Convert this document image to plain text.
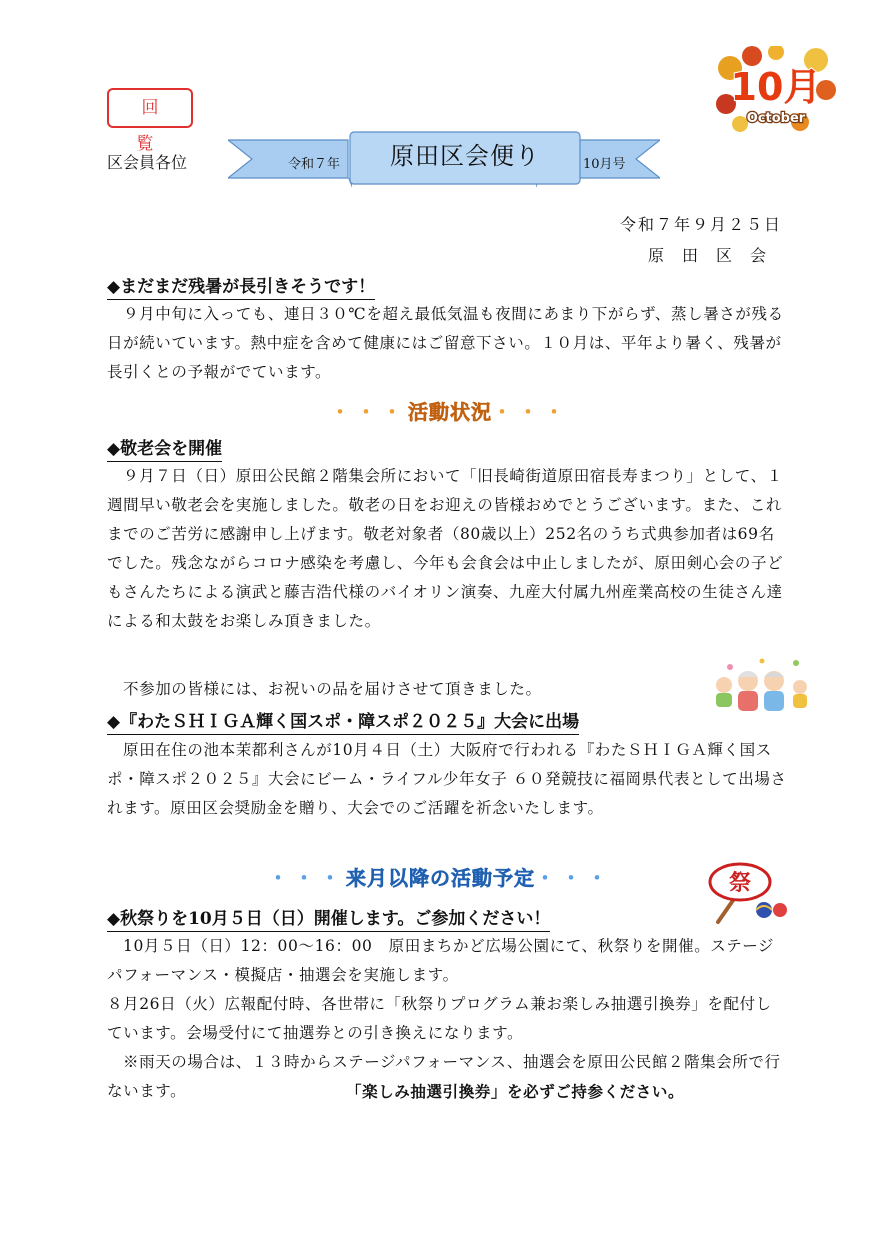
回　覧
区会員各位	令和７年	原田区会便り	10月号
10月
October
令和７年９月２５日
原田区会
◆ まだまだ残暑が長引きそうです！
９月中旬に入っても、連日３０℃を超え最低気温も夜間にあまり下がらず、蒸し暑さが残る日が続いています。熱中症を含めて健康にはご留意下さい。１０月は、平年より暑く、残暑が長引くとの予報がでています。
・・・活動状況・・・
◆ 敬老会を開催
９月７日（日）原田公民館２階集会所において「旧長崎街道原田宿長寿まつり」として、１週間早い敬老会を実施しました。敬老の日をお迎えの皆様おめでとうございます。また、これまでのご苦労に感謝申し上げます。敬老対象者（80歳以上）252名のうち式典参加者は69名でした。残念ながらコロナ感染を考慮し、今年も会食会は中止しましたが、原田剣心会の子どもさんたちによる演武と藤吉浩代様のバイオリン演奏、九産大付属九州産業高校の生徒さん達による和太鼓をお楽しみ頂きました。
不参加の皆様には、お祝いの品を届けさせて頂きました。
◆ 『わたＳＨＩＧＡ輝く国スポ・障スポ２０２５』大会に出場
原田在住の池本茉都利さんが10月４日（土）大阪府で行われる『わたＳＨＩＧＡ輝く国スポ・障スポ２０２５』大会にビーム・ライフル少年女子 ６０発競技に福岡県代表として出場されます。原田区会奨励金を贈り、大会でのご活躍を祈念いたします。
・・・来月以降の活動予定・・・	祭
◆ 秋祭りを10月５日（日）開催します。ご参加ください！
10月５日（日）12：00～16：00　原田まちかど広場公園にて、秋祭りを開催。ステージパフォーマンス・模擬店・抽選会を実施します。
８月26日（火）広報配付時、各世帯に「秋祭りプログラム兼お楽しみ抽選引換券」を配付しています。会場受付にて抽選券との引き換えになります。
※雨天の場合は、１３時からステージパフォーマンス、抽選会を原田公民館２階集会所で行ないます。	「楽しみ抽選引換券」を必ずご持参ください。
